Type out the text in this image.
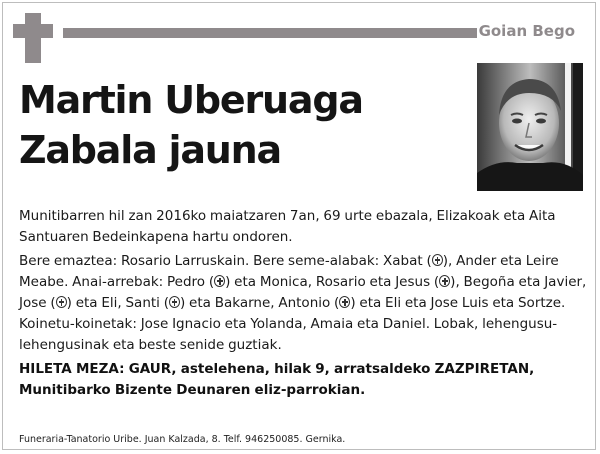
Goian Bego
Martin Uberuaga
Zabala jauna

Munitibarren hil zan 2016ko maiatzaren 7an, 69 urte ebazala, Elizakoak eta Aita Santuaren Bedeinkapena hartu ondoren.

Bere emaztea: Rosario Larruskain. Bere seme-alabak: Xabat ( ), Ander eta Leire Meabe. Anai-arrebak: Pedro ( ) eta Monica, Rosario eta Jesus ( ), Begoña eta Javier, Jose ( ) eta Eli, Santi ( ) eta Bakarne, Antonio ( ) eta Eli eta Jose Luis eta Sortze. Koinetu-koinetak: Jose Ignacio eta Yolanda, Amaia eta Daniel. Lobak, lehengusu-lehengusinak eta beste senide guztiak.

HILETA MEZA: GAUR, astelehena, hilak 9, arratsaldeko ZAZPIRETAN, Munitibarko Bizente Deunaren eliz-parrokian.

Funeraria-Tanatorio Uribe. Juan Kalzada, 8. Telf. 946250085. Gernika.
